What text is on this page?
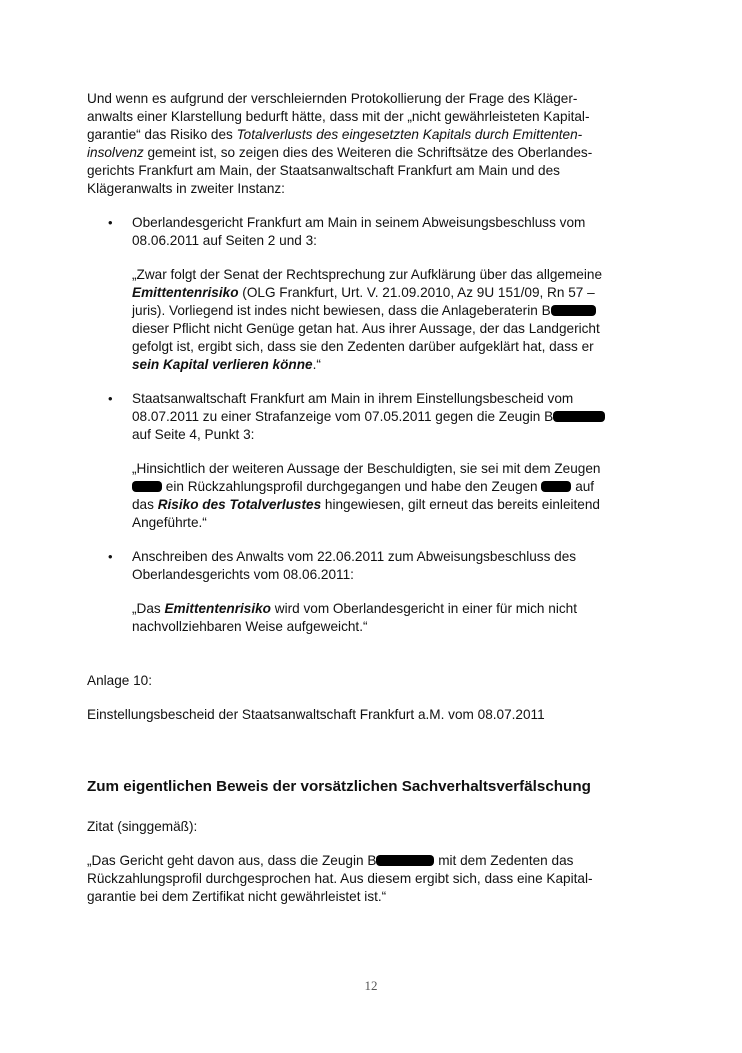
Und wenn es aufgrund der verschleiernden Protokollierung der Frage des Kläger-
anwalts einer Klarstellung bedurft hätte, dass mit der „nicht gewährleisteten Kapital-
garantie“ das Risiko des Totalverlusts des eingesetzten Kapitals durch Emittenten-
insolvenz gemeint ist, so zeigen dies des Weiteren die Schriftsätze des Oberlandes-
gerichts Frankfurt am Main, der Staatsanwaltschaft Frankfurt am Main und des
Klägeranwalts in zweiter Instanz:
• Oberlandesgericht Frankfurt am Main in seinem Abweisungsbeschluss vom
08.06.2011 auf Seiten 2 und 3:
„Zwar folgt der Senat der Rechtsprechung zur Aufklärung über das allgemeine
Emittentenrisiko (OLG Frankfurt, Urt. V. 21.09.2010, Az 9U 151/09, Rn 57 –
juris). Vorliegend ist indes nicht bewiesen, dass die Anlageberaterin B
dieser Pflicht nicht Genüge getan hat. Aus ihrer Aussage, der das Landgericht
gefolgt ist, ergibt sich, dass sie den Zedenten darüber aufgeklärt hat, dass er
sein Kapital verlieren könne.“
• Staatsanwaltschaft Frankfurt am Main in ihrem Einstellungsbescheid vom
08.07.2011 zu einer Strafanzeige vom 07.05.2011 gegen die Zeugin B
auf Seite 4, Punkt 3:
„Hinsichtlich der weiteren Aussage der Beschuldigten, sie sei mit dem Zeugen
ein Rückzahlungsprofil durchgegangen und habe den Zeugen	auf
das Risiko des Totalverlustes hingewiesen, gilt erneut das bereits einleitend
Angeführte.“
• Anschreiben des Anwalts vom 22.06.2011 zum Abweisungsbeschluss des
Oberlandesgerichts vom 08.06.2011:
„Das Emittentenrisiko wird vom Oberlandesgericht in einer für mich nicht
nachvollziehbaren Weise aufgeweicht.“
Anlage 10:
Einstellungsbescheid der Staatsanwaltschaft Frankfurt a.M. vom 08.07.2011
Zum eigentlichen Beweis der vorsätzlichen Sachverhaltsverfälschung
Zitat (singgemäß):
„Das Gericht geht davon aus, dass die Zeugin B	mit dem Zedenten das
Rückzahlungsprofil durchgesprochen hat. Aus diesem ergibt sich, dass eine Kapital-
garantie bei dem Zertifikat nicht gewährleistet ist.“
12
